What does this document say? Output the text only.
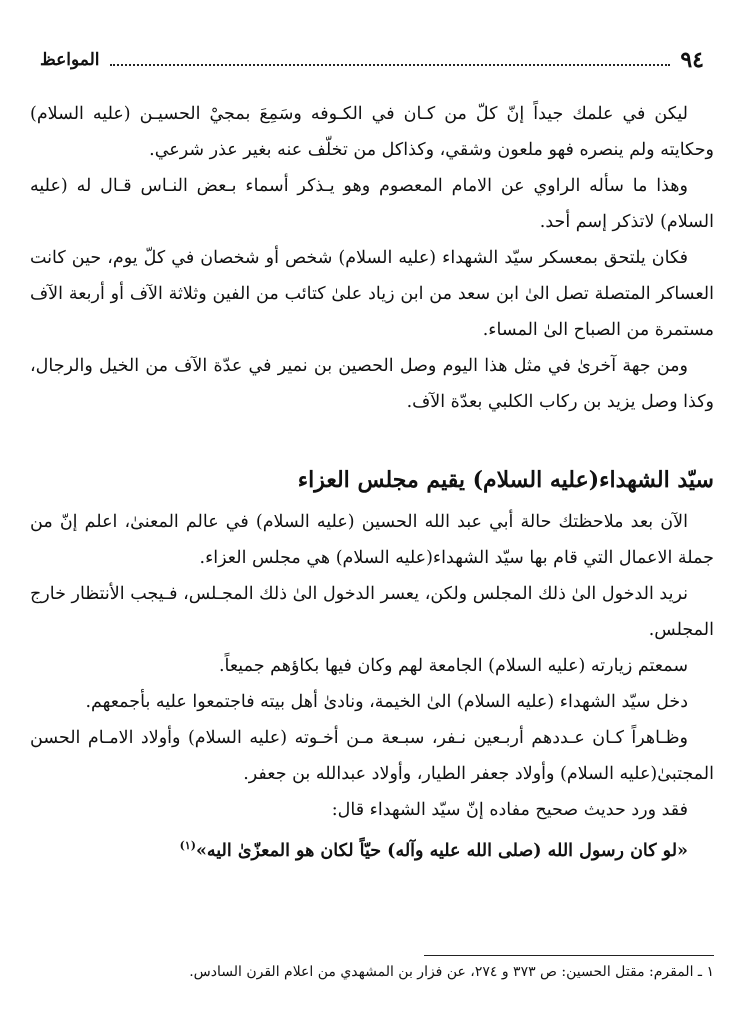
المواعظ	٩٤

ليكن في علمك جيداً إنّ كلّ من كـان في الكـوفه وسَمِعَ بمجيْ الحسيـن (عليه السلام) وحكايته ولم ينصره فهو ملعون وشقي، وكذاكل من تخلّف عنه بغير عذر شرعي.

وهذا ما سأله الراوي عن الامام المعصوم وهو يـذكر أسماء بـعض النـاس قـال له (عليه السلام) لاتذكر إسم أحد.

فكان يلتحق بمعسكر سيّد الشهداء (عليه السلام) شخص أو شخصان في كلّ يوم، حين كانت العساكر المتصلة تصل الىٰ ابن سعد من ابن زياد علىٰ كتائب من الفين وثلاثة الآف أو أربعة الآف مستمرة من الصباح الىٰ المساء.

ومن جهة آخرىٰ في مثل هذا اليوم وصل الحصين بن نمير في عدّة الآف من الخيل والرجال، وكذا وصل يزيد بن ركاب الكلبي بعدّة الآف.

سيّد الشهداء(عليه السلام) يقيم مجلس العزاء

الآن بعد ملاحظتك حالة أبي عبد الله الحسين (عليه السلام) في عالم المعنىٰ، اعلم إنّ من جملة الاعمال التي قام بها سيّد الشهداء(عليه السلام) هي مجلس العزاء.

نريد الدخول الىٰ ذلك المجلس ولكن، يعسر الدخول الىٰ ذلك المجـلس، فـيجب الأنتظار خارج المجلس.

سمعتم زيارته (عليه السلام) الجامعة لهم وكان فيها بكاؤهم جميعاً.

دخل سيّد الشهداء (عليه السلام) الىٰ الخيمة، ونادىٰ أهل بيته فاجتمعوا عليه بأجمعهم.

وظـاهراً كـان عـددهم أربـعين نـفر، سبـعة مـن أخـوته (عليه السلام) وأولاد الامـام الحسن المجتبىٰ(عليه السلام) وأولاد جعفر الطيار، وأولاد عبدالله بن جعفر.

فقد ورد حديث صحيح مفاده إنّ سيّد الشهداء قال:

«لو كان رسول الله (صلى الله عليه وآله) حيّاً لكان هو المعزّىٰ اليه»$^{(١)}$

١ ـ المقرم: مقتل الحسين: ص ٣٧٣ و ٢٧٤، عن فزار بن المشهدي من اعلام القرن السادس.
